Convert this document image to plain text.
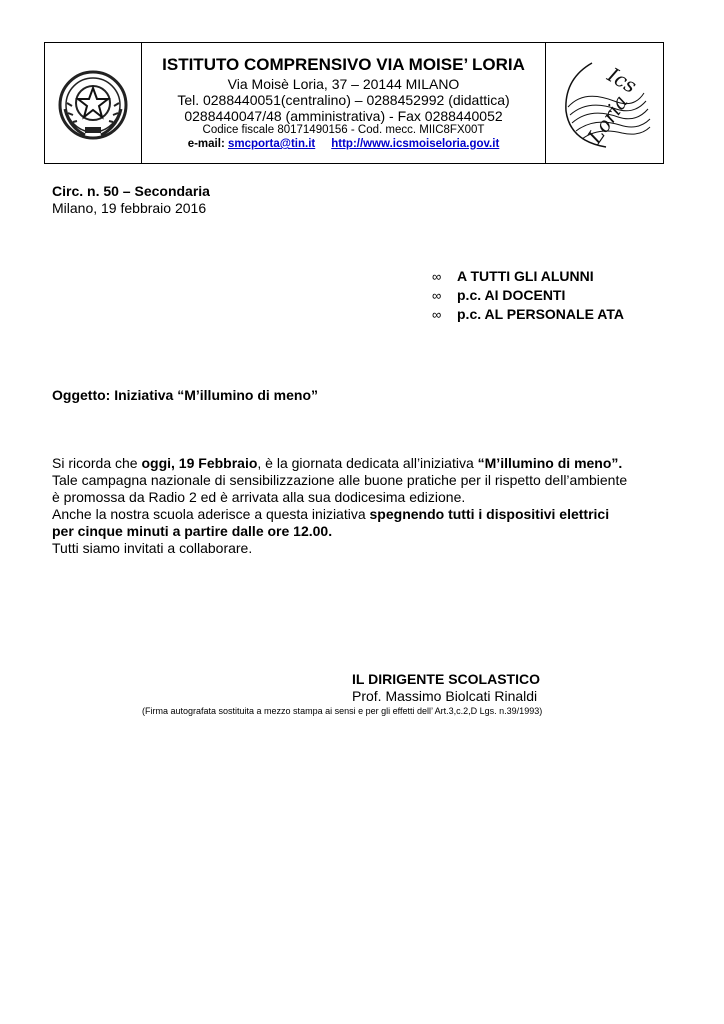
ISTITUTO COMPRENSIVO VIA MOISE’ LORIA
Via Moisè Loria, 37 – 20144 MILANO
Tel. 0288440051(centralino) – 0288452992 (didattica)
0288440047/48 (amministrativa) - Fax 0288440052
Codice fiscale 80171490156 - Cod. mecc. MIIC8FX00T
e-mail: smcporta@tin.it http://www.icsmoiseloria.gov.it
Ics
Loria
Circ. n. 50 – Secondaria
Milano, 19 febbraio 2016
∞	A TUTTI GLI ALUNNI
∞	p.c. AI DOCENTI
∞	p.c. AL PERSONALE ATA
Oggetto: Iniziativa “M’illumino di meno”

Si ricorda che oggi, 19 Febbraio, è la giornata dedicata all’iniziativa “M’illumino di meno”.

Tale campagna nazionale di sensibilizzazione alle buone pratiche per il rispetto dell’ambiente

è promossa da Radio 2 ed è arrivata alla sua dodicesima edizione.

Anche la nostra scuola aderisce a questa iniziativa spegnendo tutti i dispositivi elettrici

per cinque minuti a partire dalle ore 12.00.

Tutti siamo invitati a collaborare.

IL DIRIGENTE SCOLASTICO
Prof. Massimo Biolcati Rinaldi
(Firma autografata sostituita a mezzo stampa ai sensi e per gli effetti dell’ Art.3,c.2,D Lgs. n.39/1993)
